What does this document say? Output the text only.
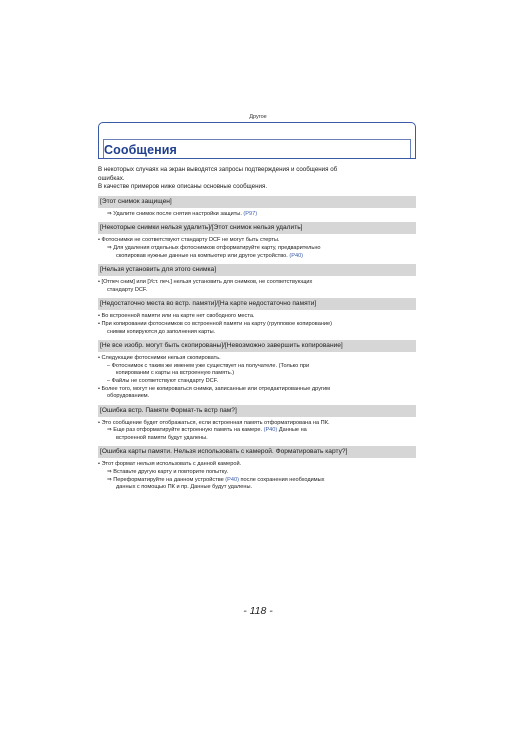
Другое
Сообщения
В некоторых случаях на экран выводятся запросы подтверждения и сообщения об
ошибках.
В качестве примеров ниже описаны основные сообщения.
[Этот снимок защищен]
⇒ Удалите снимок после снятия настройки защиты. (P97)
[Некоторые снимки нельзя удалить]/[Этот снимок нельзя удалить]
• Фотоснимки не соответствуют стандарту DCF не могут быть стерты.
⇒ Для удаления отдельных фотоснимков отформатируйте карту, предварительно
скопировав нужные данные на компьютер или другое устройство. (P40)
[Нельзя установить для этого снимка]
• [Отпеч сним] или [Уст. печ.] нельзя установить для снимков, не соответствующих
стандарту DCF.
[Недостаточно места во встр. памяти]/[На карте недостаточно памяти]
• Во встроенной памяти или на карте нет свободного места.
• При копировании фотоснимков со встроенной памяти на карту (групповое копирование)
снимки копируются до заполнения карты.
[Не все изобр. могут быть скопированы]/[Невозможно завершить копирование]
• Следующие фотоснимки нельзя скопировать.
– Фотоснимок с таким же именем уже существует на получателе. (Только при
копировании с карты на встроенную память.)
– Файлы не соответствуют стандарту DCF.
• Более того, могут не копироваться снимки, записанные или отредактированные другим
оборудованием.
[Ошибка встр. Памяти Формат-ть встр пам?]
• Это сообщение будет отображаться, если встроенная память отформатирована на ПК.
⇒ Еще раз отформатируйте встроенную память на камере. (P40) Данные на
встроенной памяти будут удалены.
[Ошибка карты памяти. Нельзя использовать с камерой. Форматировать карту?]
• Этот формат нельзя использовать с данной камерой.
⇒ Вставьте другую карту и повторите попытку.
⇒ Переформатируйте на данном устройстве (P40) после сохранения необходимых
данных с помощью ПК и пр. Данные будут удалены.
- 118 -
